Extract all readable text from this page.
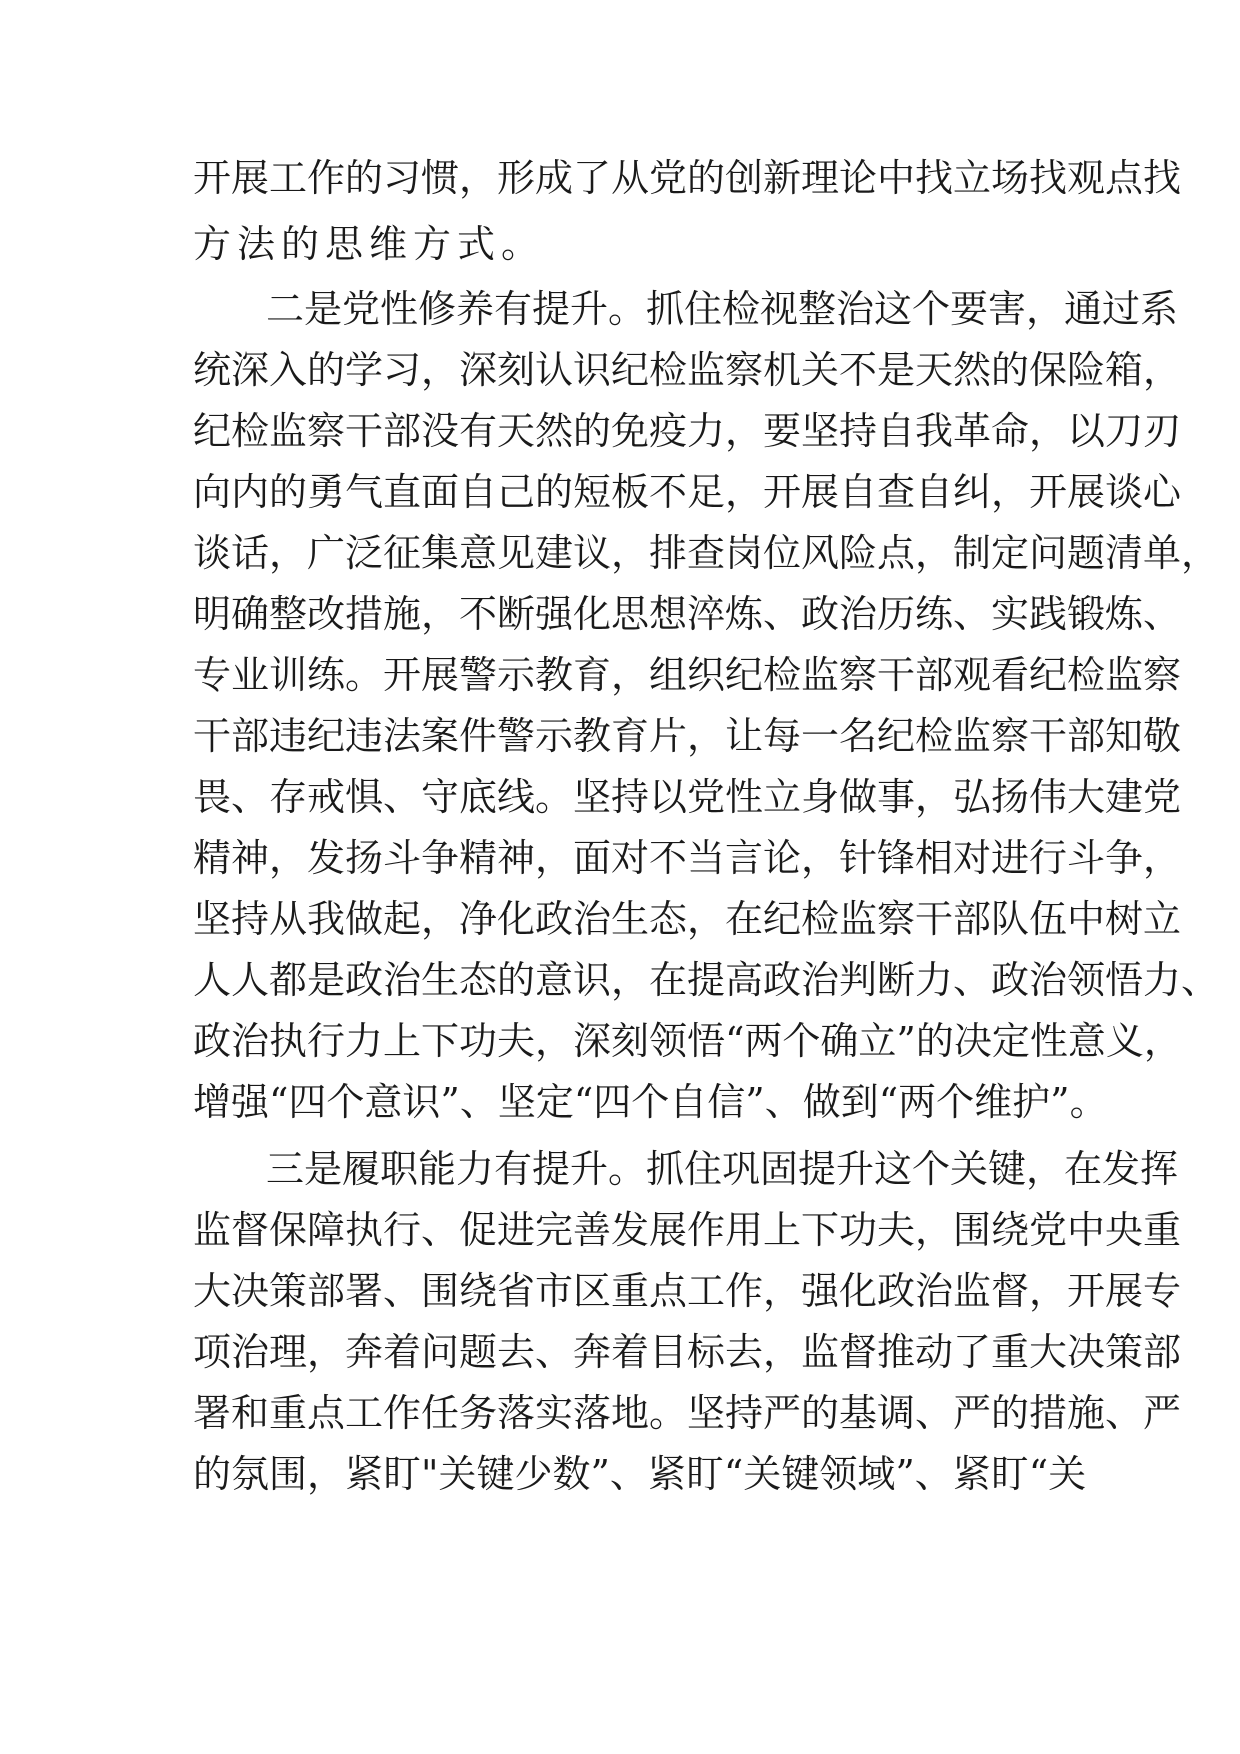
开展工作的习惯，形成了从党的创新理论中找立场找观点找
方法的思维方式。
二是党性修养有提升。抓住检视整治这个要害，通过系
统深入的学习，深刻认识纪检监察机关不是天然的保险箱，
纪检监察干部没有天然的免疫力，要坚持自我革命，以刀刃
向内的勇气直面自己的短板不足，开展自查自纠，开展谈心
谈话，广泛征集意见建议，排查岗位风险点，制定问题清单，
明确整改措施，不断强化思想淬炼、政治历练、实践锻炼、
专业训练。开展警示教育，组织纪检监察干部观看纪检监察
干部违纪违法案件警示教育片，让每一名纪检监察干部知敬
畏、存戒惧、守底线。坚持以党性立身做事，弘扬伟大建党
精神，发扬斗争精神，面对不当言论，针锋相对进行斗争，
坚持从我做起，净化政治生态，在纪检监察干部队伍中树立
人人都是政治生态的意识，在提高政治判断力、政治领悟力、
政治执行力上下功夫，深刻领悟“两个确立”的决定性意义，
增强“四个意识”、坚定“四个自信”、做到“两个维护”。
三是履职能力有提升。抓住巩固提升这个关键，在发挥
监督保障执行、促进完善发展作用上下功夫，围绕党中央重
大决策部署、围绕省市区重点工作，强化政治监督，开展专
项治理，奔着问题去、奔着目标去，监督推动了重大决策部
署和重点工作任务落实落地。坚持严的基调、严的措施、严
的氛围，紧盯"关键少数”、紧盯“关键领域”、紧盯“关
